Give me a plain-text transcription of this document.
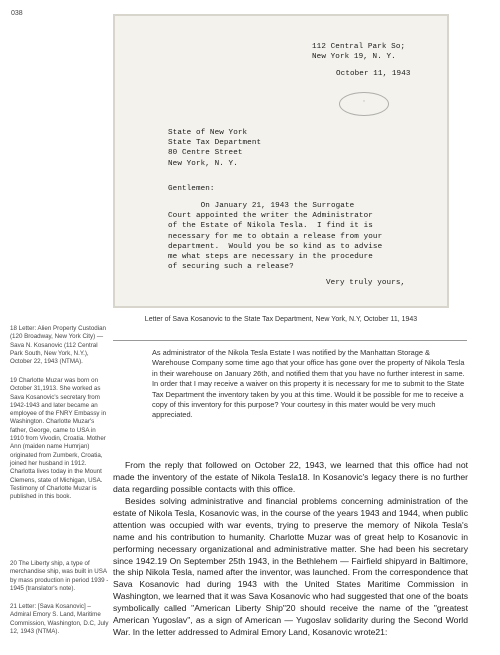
038
112 Central Park So;
New York 19, N. Y.
October 11, 1943
○
State of New York
State Tax Department
80 Centre Street
New York, N. Y.
Gentlemen:
On January 21, 1943 the Surrogate
Court appointed the writer the Administrator
of the Estate of Nikola Tesla.  I find it is
necessary for me to obtain a release from your
department.  Would you be so kind as to advise
me what steps are necessary in the procedure
of securing such a release?
Very truly yours,
Letter of Sava Kosanovic to the State Tax Department, New York, N.Y, October 11, 1943
18 Letter: Alien Property Custodian (120 Broadway, New York City) — Sava N. Kosanovic (112 Central Park South, New York, N.Y.), October 22, 1943 (NTMA).
19 Charlotte Muzar was born on October 31,1913. She worked as Sava Kosanovic's secretary from 1942-1943 and later became an employee of the FNRY Embassy in Washington. Charlotte Muzar's father, George, came to USA in 1910 from Vivodin, Croatia. Mother Ann (maiden name Humrjan) originated from Zumberk, Croatia, joined her husband in 1912. Charlotta lives today in the Mount Clemens, state of Michigan, USA. Testimony of Charlotte Muzar is published in this book.
20 The Liberty ship, a type of merchandise ship, was built in USA by mass production in period 1939 - 1945 (translator's note).
21 Letter: [Sava Kosanovic] – Admiral Emory S. Land, Maritime Commission, Washington, D.C, July 12, 1943 (NTMA).
As administrator of the Nikola Tesla Estate I was notified by the Manhattan Storage & Warehouse Company some time ago that your office has gone over the property of Nikola Tesla in their warehouse on January 26th, and notified them that you have no further interest in same. In order that I may receive a waiver on this property it is necessary for me to submit to the State Tax Department the inventory taken by you at this time. Would it be possible for me to receive a copy of this inventory for this purpose? Your courtesy in this mater would be very much appreciated.
From the reply that followed on October 22, 1943, we learned that this office had not made the inventory of the estate of Nikola Tesla18. In Kosanovic's legacy there is no further data regarding possible contacts with this office.
Besides solving administrative and financial problems concerning administration of the estate of Nikola Tesla, Kosanovic was, in the course of the years 1943 and 1944, when public attention was occupied with war events, trying to preserve the memory of Nikola Tesla's name and his contribution to humanity. Charlotte Muzar was of great help to Kosanovic in performing necessary organizational and administrative matter. She had been his secretary since 1942.19 On September 25th 1943, in the Bethlehem — Fairfield shipyard in Baltimore, the ship Nikola Tesla, named after the inventor, was launched. From the correspondence that Sava Kosanovic had during 1943 with the United States Maritime Commission in Washington, we learned that it was Sava Kosanovic who had suggested that one of the boats symbolically called "American Liberty Ship"20 should receive the name of the "greatest American Yugoslav", as a sign of American — Yugoslav solidarity during the Second World War. In the letter addressed to Admiral Emory Land, Kosanovic wrote21:
